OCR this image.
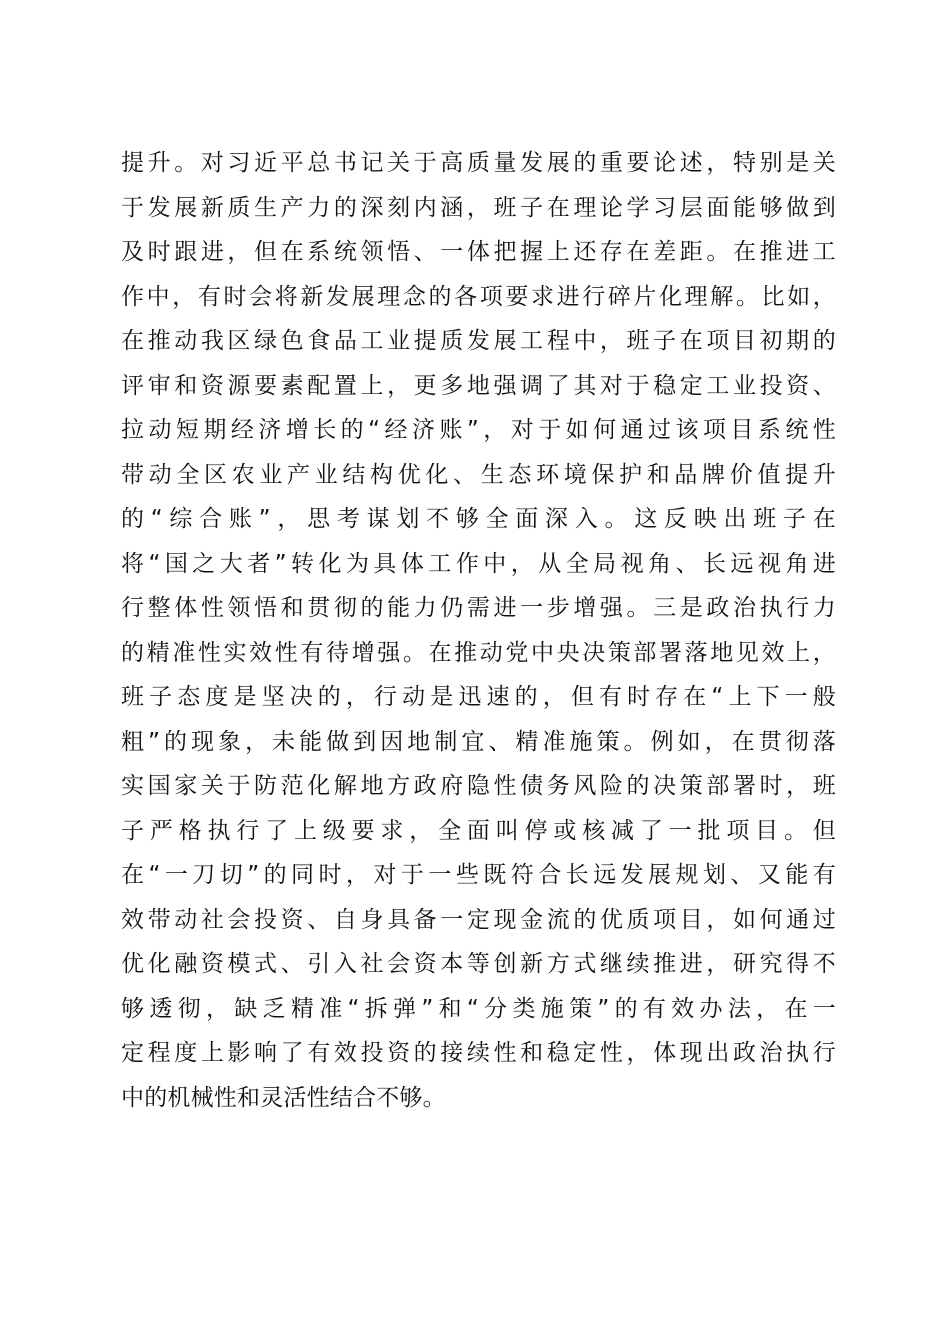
提升。对习近平总书记关于高质量发展的重要论述，特别是关
于发展新质生产力的深刻内涵，班子在理论学习层面能够做到
及时跟进，但在系统领悟、一体把握上还存在差距。在推进工
作中，有时会将新发展理念的各项要求进行碎片化理解。比如，
在推动我区绿色食品工业提质发展工程中，班子在项目初期的
评审和资源要素配置上，更多地强调了其对于稳定工业投资、
拉动短期经济增长的“经济账”，对于如何通过该项目系统性
带动全区农业产业结构优化、生态环境保护和品牌价值提升
的“综合账”，思考谋划不够全面深入。这反映出班子在
将“国之大者”转化为具体工作中，从全局视角、长远视角进
行整体性领悟和贯彻的能力仍需进一步增强。三是政治执行力
的精准性实效性有待增强。在推动党中央决策部署落地见效上，
班子态度是坚决的，行动是迅速的，但有时存在“上下一般
粗”的现象，未能做到因地制宜、精准施策。例如，在贯彻落
实国家关于防范化解地方政府隐性债务风险的决策部署时，班
子严格执行了上级要求，全面叫停或核减了一批项目。但
在“一刀切”的同时，对于一些既符合长远发展规划、又能有
效带动社会投资、自身具备一定现金流的优质项目，如何通过
优化融资模式、引入社会资本等创新方式继续推进，研究得不
够透彻，缺乏精准“拆弹”和“分类施策”的有效办法，在一
定程度上影响了有效投资的接续性和稳定性，体现出政治执行
中的机械性和灵活性结合不够。
